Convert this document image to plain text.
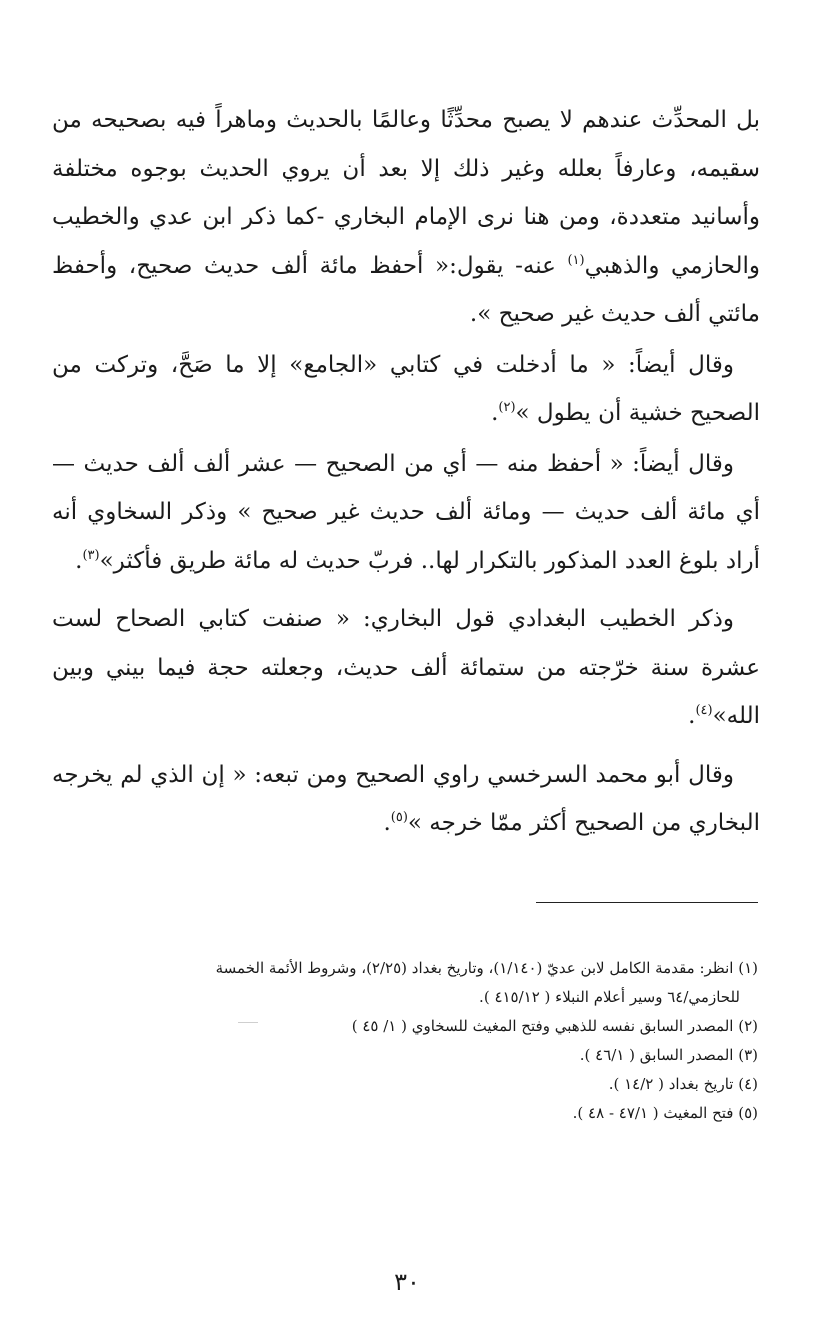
بل المحدِّث عندهم لا يصبح محدِّثًا وعالمًا بالحديث وماهراً فيه بصحيحه من سقيمه، وعارفاً بعلله وغير ذلك إلا بعد أن يروي الحديث بوجوه مختلفة وأسانيد متعددة، ومن هنا نرى الإمام البخاري -كما ذكر ابن عدي والخطيب والحازمي والذهبي$^{(١)}$ عنه- يقول:« أحفظ مائة ألف حديث صحيح، وأحفظ مائتي ألف حديث غير صحيح ».

وقال أيضاً: « ما أدخلت في كتابي «الجامع» إلا ما صَحَّ، وتركت من الصحيح خشية أن يطول »$^{(٢)}$.

وقال أيضاً: « أحفظ منه — أي من الصحيح — عشر ألف ألف حديث — أي مائة ألف حديث — ومائة ألف حديث غير صحيح » وذكر السخاوي أنه أراد بلوغ العدد المذكور بالتكرار لها.. فربّ حديث له مائة طريق فأكثر»$^{(٣)}$.

وذكر الخطيب البغدادي قول البخاري: « صنفت كتابي الصحاح لست عشرة سنة خرّجته من ستمائة ألف حديث، وجعلته حجة فيما بيني وبين الله»$^{(٤)}$.

وقال أبو محمد السرخسي راوي الصحيح ومن تبعه: « إن الذي لم يخرجه البخاري من الصحيح أكثر ممّا خرجه »$^{(٥)}$.

(١) انظر: مقدمة الكامل لابن عديّ (١/١٤٠)، وتاريخ بغداد (٢/٢٥)، وشروط الأئمة الخمسة

للحازمي/٦٤ وسير أعلام النبلاء ( ٤١٥/١٢ ).

(٢) المصدر السابق نفسه للذهبي وفتح المغيث للسخاوي ( ١/ ٤٥ )

(٣) المصدر السابق ( ٤٦/١ ).

(٤) تاريخ بغداد ( ١٤/٢ ).

(٥) فتح المغيث ( ٤٧/١ - ٤٨ ).

٣٠
